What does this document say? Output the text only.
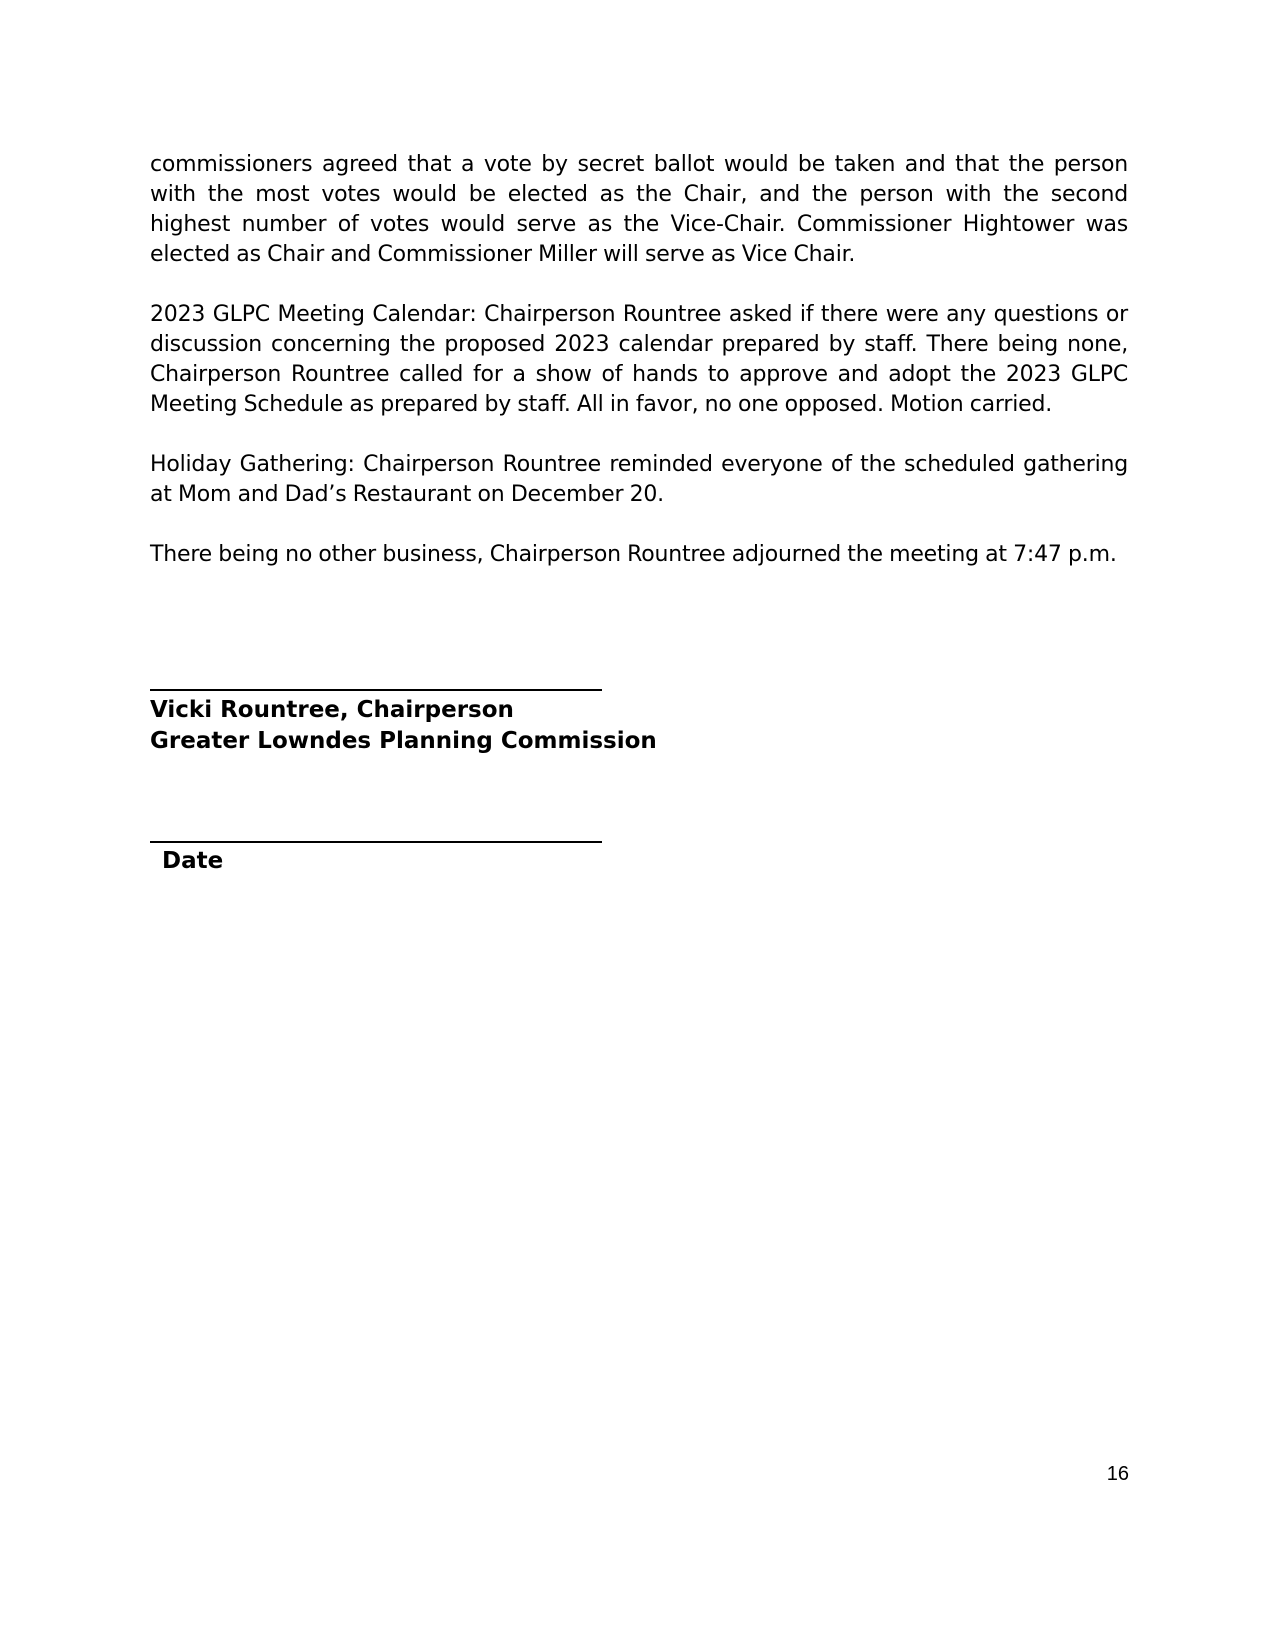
commissioners agreed that a vote by secret ballot would be taken and that the person with the most votes would be elected as the Chair, and the person with the second highest number of votes would serve as the Vice-Chair. Commissioner Hightower was elected as Chair and Commissioner Miller will serve as Vice Chair.

2023 GLPC Meeting Calendar: Chairperson Rountree asked if there were any questions or discussion concerning the proposed 2023 calendar prepared by staff. There being none, Chairperson Rountree called for a show of hands to approve and adopt the 2023 GLPC Meeting Schedule as prepared by staff. All in favor, no one opposed. Motion carried.

Holiday Gathering: Chairperson Rountree reminded everyone of the scheduled gathering at Mom and Dad’s Restaurant on December 20.

There being no other business, Chairperson Rountree adjourned the meeting at 7:47 p.m.

Vicki Rountree, Chairperson
Greater Lowndes Planning Commission
Date
16
